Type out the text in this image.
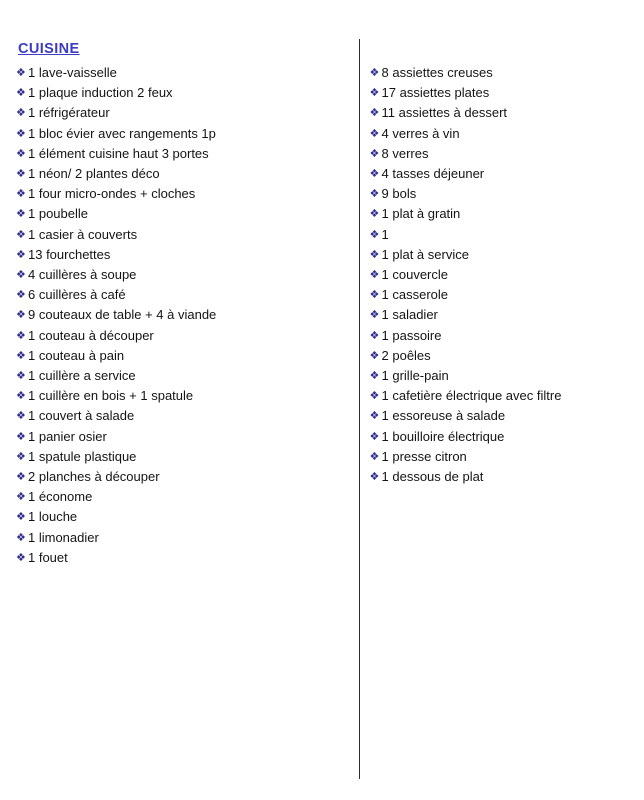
CUISINE
❖ 1 lave-vaisselle
❖ 1 plaque induction 2 feux
❖ 1 réfrigérateur
❖ 1 bloc évier avec rangements 1p
❖ 1 élément cuisine haut 3 portes
❖ 1 néon/ 2 plantes déco
❖ 1 four micro-ondes + cloches
❖ 1 poubelle
❖ 1 casier à couverts
❖ 13 fourchettes
❖ 4 cuillères à soupe
❖ 6 cuillères à café
❖ 9 couteaux de table + 4 à viande
❖ 1 couteau à découper
❖ 1 couteau à pain
❖ 1 cuillère a service
❖ 1 cuillère en bois + 1 spatule
❖ 1 couvert à salade
❖ 1 panier osier
❖ 1 spatule plastique
❖ 2 planches à découper
❖ 1 économe
❖ 1 louche
❖ 1 limonadier
❖ 1 fouet
❖ 8 assiettes creuses
❖ 17 assiettes plates
❖ 11 assiettes à dessert
❖ 4 verres à vin
❖ 8 verres
❖ 4 tasses déjeuner
❖ 9 bols
❖ 1 plat à gratin
❖ 1
❖ 1 plat à service
❖ 1 couvercle
❖ 1 casserole
❖ 1 saladier
❖ 1 passoire
❖ 2 poêles
❖ 1 grille-pain
❖ 1 cafetière électrique avec filtre
❖ 1 essoreuse à salade
❖ 1 bouilloire électrique
❖ 1 presse citron
❖ 1 dessous de plat
